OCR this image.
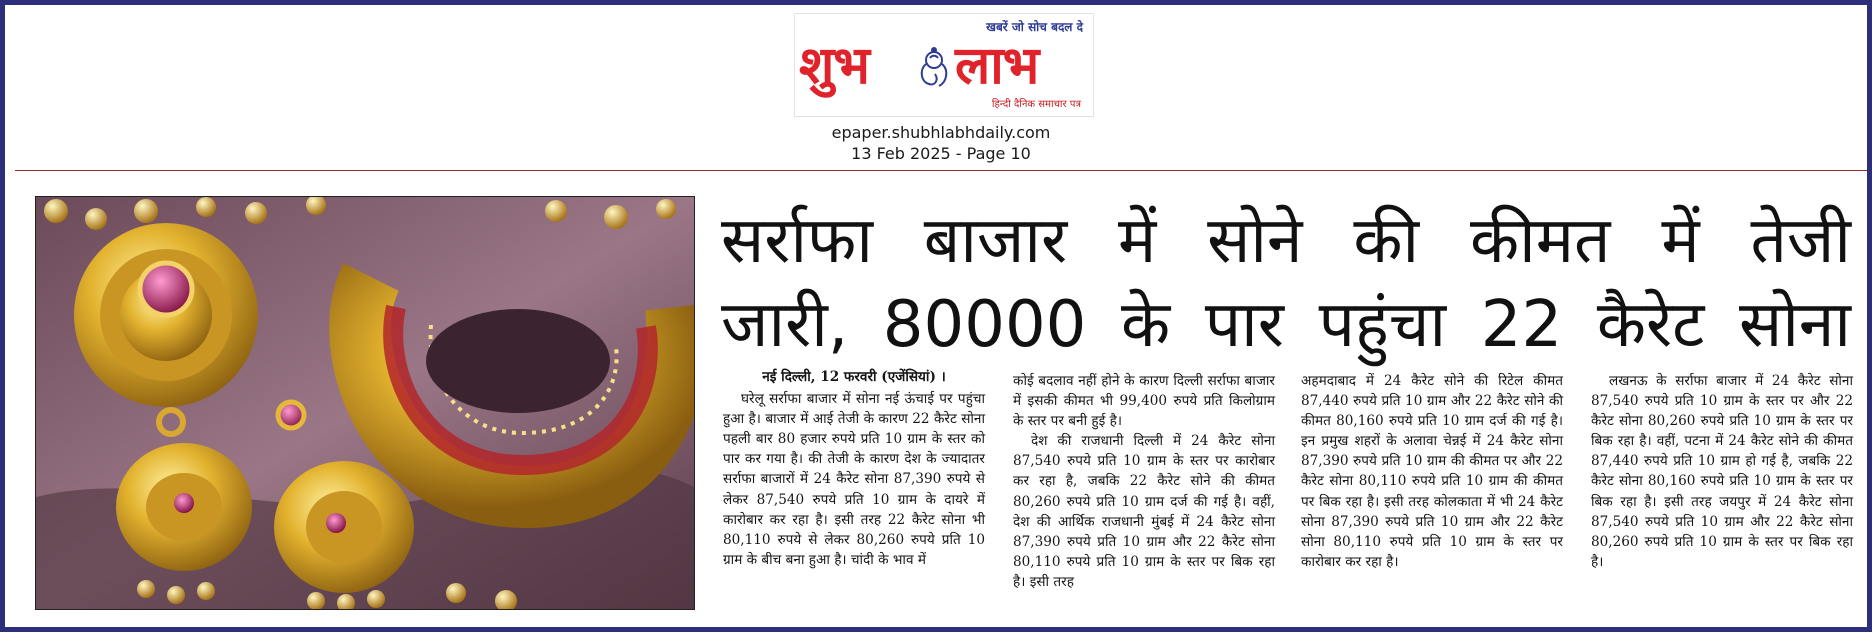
खबरें जो सोच बदल दे
शुभ लाभ
हिन्दी दैनिक समाचार पत्र
epaper.shubhlabhdaily.com
13 Feb 2025 - Page 10
सर्राफा बाजार में सोने की कीमत में तेजी
जारी, 80000 के पार पहुंचा 22 कैरेट सोना

नई दिल्ली, 12 फरवरी (एजेंसियां) ।

घरेलू सर्राफा बाजार में सोना नई ऊंचाई पर पहुंचा हुआ है। बाजार में आई तेजी के कारण 22 कैरेट सोना पहली बार 80 हजार रुपये प्रति 10 ग्राम के स्तर को पार कर गया है। की तेजी के कारण देश के ज्यादातर सर्राफा बाजारों में 24 कैरेट सोना 87,390 रुपये से लेकर 87,540 रुपये प्रति 10 ग्राम के दायरे में कारोबार कर रहा है। इसी तरह 22 कैरेट सोना भी 80,110 रुपये से लेकर 80,260 रुपये प्रति 10 ग्राम के बीच बना हुआ है। चांदी के भाव में

कोई बदलाव नहीं होने के कारण दिल्ली सर्राफा बाजार में इसकी कीमत भी 99,400 रुपये प्रति किलोग्राम के स्तर पर बनी हुई है।

देश की राजधानी दिल्ली में 24 कैरेट सोना 87,540 रुपये प्रति 10 ग्राम के स्तर पर कारोबार कर रहा है, जबकि 22 कैरेट सोने की कीमत 80,260 रुपये प्रति 10 ग्राम दर्ज की गई है। वहीं, देश की आर्थिक राजधानी मुंबई में 24 कैरेट सोना 87,390 रुपये प्रति 10 ग्राम और 22 कैरेट सोना 80,110 रुपये प्रति 10 ग्राम के स्तर पर बिक रहा है। इसी तरह

अहमदाबाद में 24 कैरेट सोने की रिटेल कीमत 87,440 रुपये प्रति 10 ग्राम और 22 कैरेट सोने की कीमत 80,160 रुपये प्रति 10 ग्राम दर्ज की गई है। इन प्रमुख शहरों के अलावा चेन्नई में 24 कैरेट सोना 87,390 रुपये प्रति 10 ग्राम की कीमत पर और 22 कैरेट सोना 80,110 रुपये प्रति 10 ग्राम की कीमत पर बिक रहा है। इसी तरह कोलकाता में भी 24 कैरेट सोना 87,390 रुपये प्रति 10 ग्राम और 22 कैरेट सोना 80,110 रुपये प्रति 10 ग्राम के स्तर पर कारोबार कर रहा है।

लखनऊ के सर्राफा बाजार में 24 कैरेट सोना 87,540 रुपये प्रति 10 ग्राम के स्तर पर और 22 कैरेट सोना 80,260 रुपये प्रति 10 ग्राम के स्तर पर बिक रहा है। वहीं, पटना में 24 कैरेट सोने की कीमत 87,440 रुपये प्रति 10 ग्राम हो गई है, जबकि 22 कैरेट सोना 80,160 रुपये प्रति 10 ग्राम के स्तर पर बिक रहा है। इसी तरह जयपुर में 24 कैरेट सोना 87,540 रुपये प्रति 10 ग्राम और 22 कैरेट सोना 80,260 रुपये प्रति 10 ग्राम के स्तर पर बिक रहा है।
